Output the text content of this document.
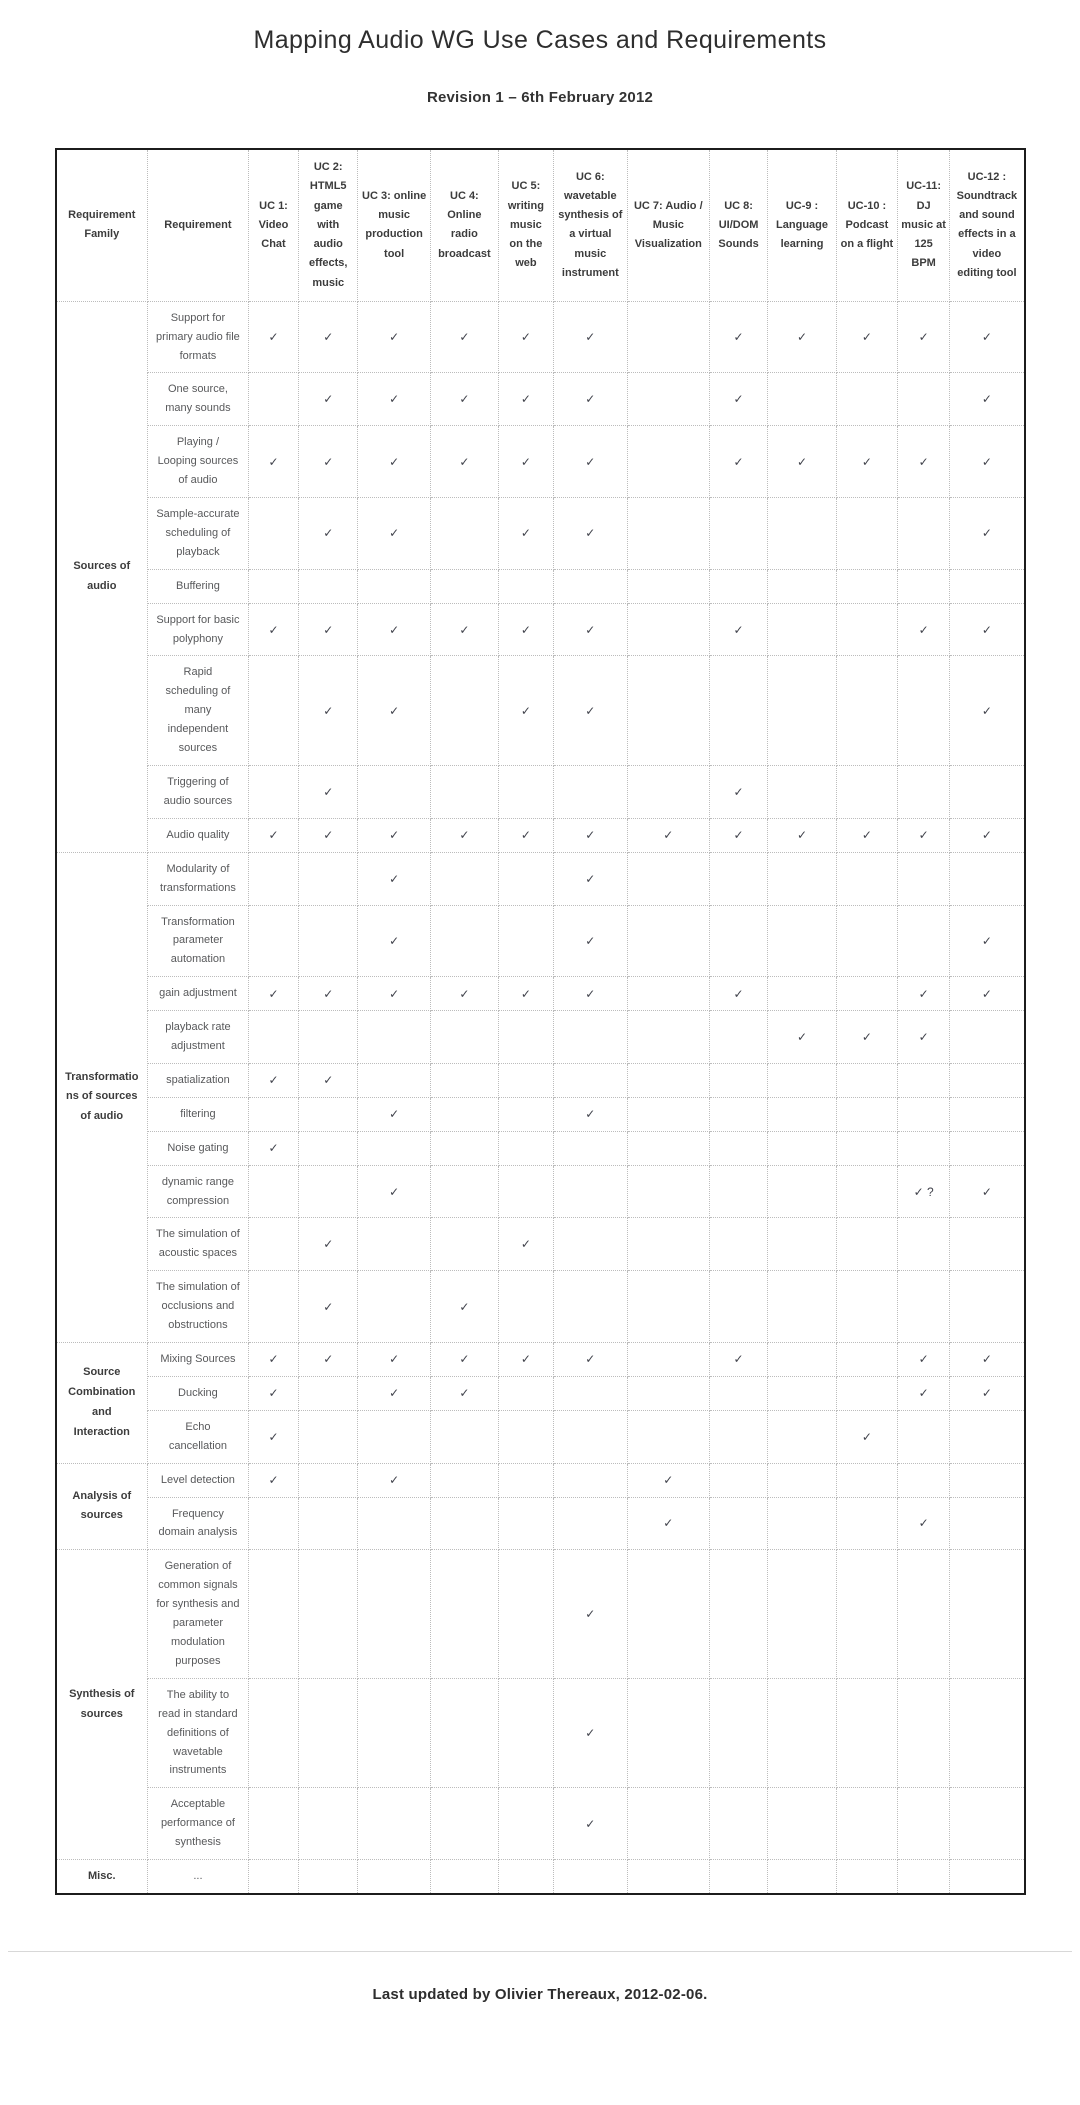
Mapping Audio WG Use Cases and Requirements
Revision 1 – 6th February 2012
Requirement Family	Requirement	UC 1: Video Chat	UC 2: HTML5 game with audio effects, music	UC 3: online music production tool	UC 4: Online radio broadcast	UC 5: writing music on the web	UC 6: wavetable synthesis of a virtual music instrument	UC 7: Audio / Music Visualization	UC 8: UI/DOM Sounds	UC-9 : Language learning	UC-10 : Podcast on a flight	UC-11: DJ music at 125 BPM	UC-12 : Soundtrack and sound effects in a video editing tool
Sources of audio	Support for primary audio file formats	✓	✓	✓	✓	✓	✓		✓	✓	✓	✓	✓
	One source, many sounds		✓	✓	✓	✓	✓		✓				✓
	Playing / Looping sources of audio	✓	✓	✓	✓	✓	✓		✓	✓	✓	✓	✓
	Sample-accurate scheduling of playback		✓	✓		✓	✓						✓
	Buffering												
	Support for basic polyphony	✓	✓	✓	✓	✓	✓		✓			✓	✓
	Rapid scheduling of many independent sources		✓	✓		✓	✓						✓
	Triggering of audio sources		✓						✓				
	Audio quality	✓	✓	✓	✓	✓	✓	✓	✓	✓	✓	✓	✓
Transformations of sources of audio	Modularity of transformations			✓			✓						
	Transformation parameter automation			✓			✓						✓
	gain adjustment	✓	✓	✓	✓	✓	✓		✓			✓	✓
	playback rate adjustment									✓	✓	✓	
	spatialization	✓	✓										
	filtering			✓			✓						
	Noise gating	✓											
	dynamic range compression			✓								✓ ?	✓
	The simulation of acoustic spaces		✓			✓							
	The simulation of occlusions and obstructions		✓		✓								
Source Combination and Interaction	Mixing Sources	✓	✓	✓	✓	✓	✓		✓			✓	✓
	Ducking	✓		✓	✓							✓	✓
	Echo cancellation	✓									✓		
Analysis of sources	Level detection	✓		✓				✓					
	Frequency domain analysis							✓				✓	
Synthesis of sources	Generation of common signals for synthesis and parameter modulation purposes						✓						
	The ability to read in standard definitions of wavetable instruments						✓						
	Acceptable performance of synthesis						✓						
Misc.	...												

Last updated by Olivier Thereaux, 2012-02-06.
